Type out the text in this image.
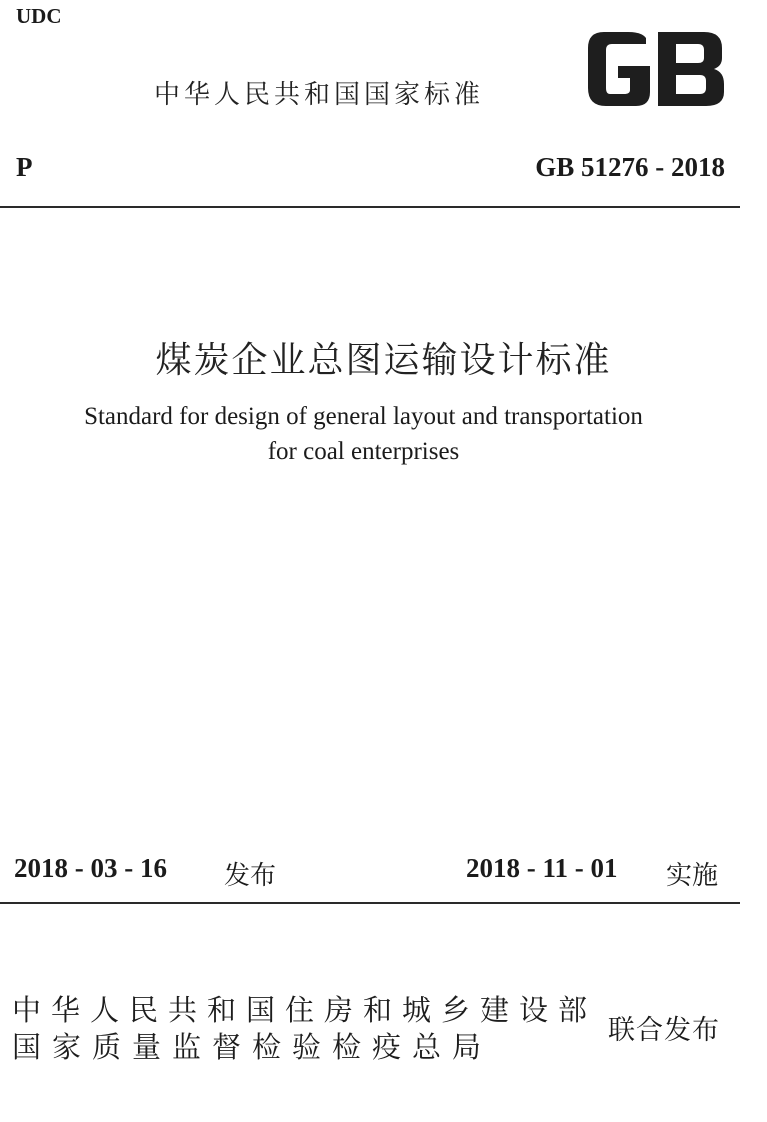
UDC
中华人民共和国国家标准
P	GB 51276 - 2018
煤炭企业总图运输设计标准
Standard for design of general layout and transportation
for coal enterprises
2018 - 03 - 16 发布	2018 - 11 - 01 实施
中华人民共和国住房和城乡建设部
国家质量监督检验检疫总局	联合发布
